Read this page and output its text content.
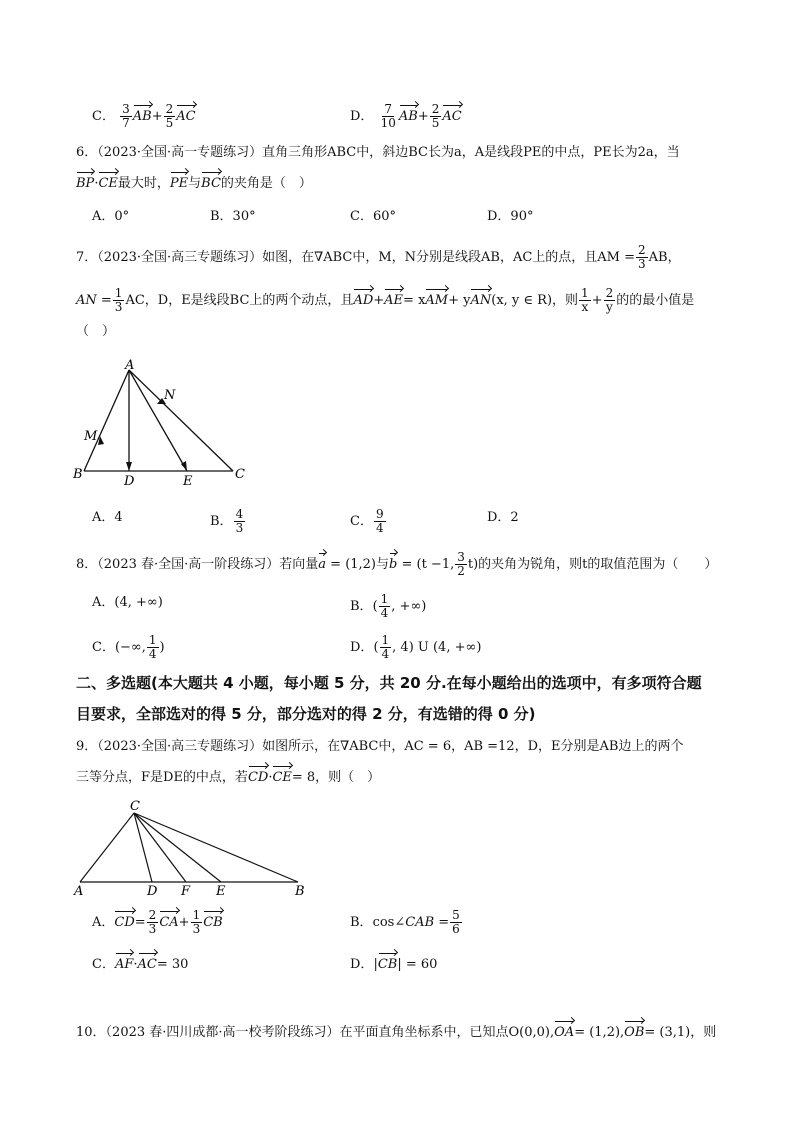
C． $\frac{3}{7} AB+ \frac{2}{5}$ AC	D． $\frac{7}{10} AB+ \frac{2}{5}$ AC
6．（2023·全国·高一专题练习）直角三角形ABC中，斜边BC长为a，A是线段PE的中点，PE长为2a，当
BP·CE最大时，PE与BC的夹角是（　）
A．0°	B．30°	C．60°	D．90°
7．（2023·全国·高三专题练习）如图，在∇ABC中，M，N分别是线段AB，AC上的点，且AM = $\frac{2}{3}$ AB，
AN = $\frac{1}{3}$ AC，D，E是线段BC上的两个动点，且AD+AE= xAM+ yAN(x, y ∈ R)，则 $\frac{1}{x} + \frac{2}{y}$ 的的最小值是
（　）
A
N
M
B	D	E	C
A．4	B． $\frac{4}{3}$	C． $\frac{9}{4}$	D．2
8．（2023 春·全国·高一阶段练习）若向量a = (1,2)与b = (t −1, $\frac{3}{2} t$)的夹角为锐角，则t的取值范围为（　　）
A．(4, +∞)	B．( $\frac{1}{4}$ , +∞)
C．(−∞, $\frac{1}{4}$ )	D．( $\frac{1}{4}$ , 4) U (4, +∞)
二、多选题(本大题共 4 小题，每小题 5 分，共 20 分.在每小题给出的选项中，有多项符合题
目要求，全部选对的得 5 分，部分选对的得 2 分，有选错的得 0 分)
9．（2023·全国·高三专题练习）如图所示，在∇ABC中，AC = 6，AB =12，D，E分别是AB边上的两个
三等分点，F是DE的中点，若CD·CE= 8，则（　）
C
A	D F E	B
A．$CD= \frac{2}{3} CA+ \frac{1}{3}$ CB	B．cos∠CAB = $\frac{5}{6}$
C．AF·AC= 30	D．|CB| = 60
10．（2023 春·四川成都·高一校考阶段练习）在平面直角坐标系中，已知点O(0,0),OA= (1,2),OB= (3,1)，则
